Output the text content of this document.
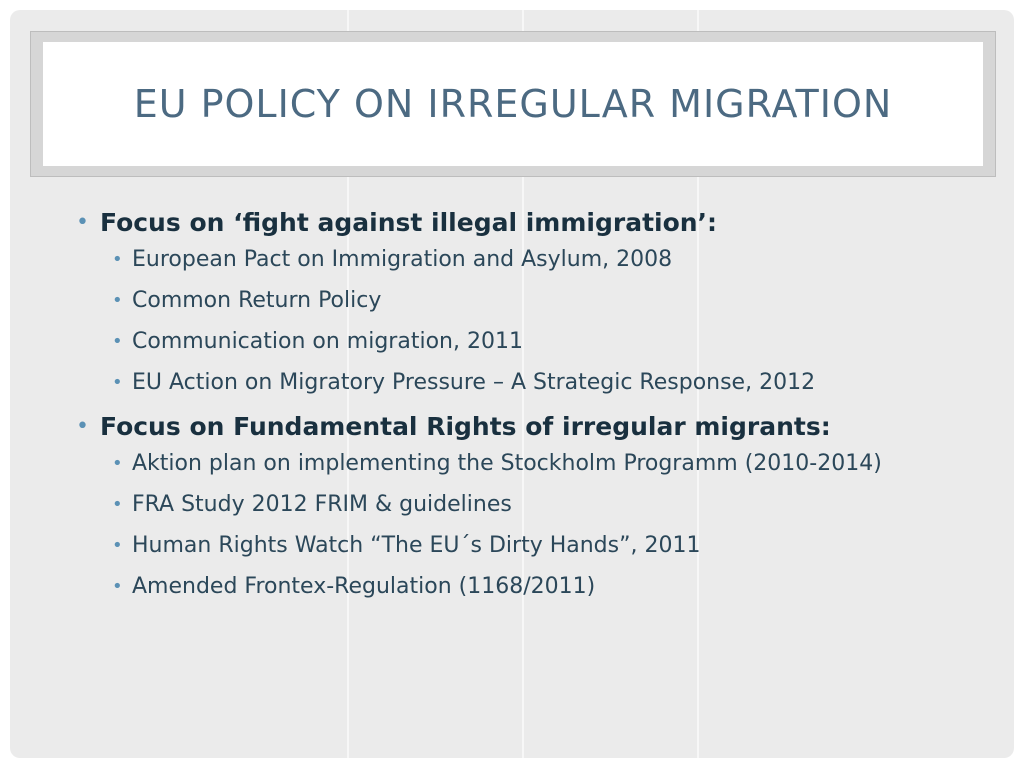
EU POLICY ON IRREGULAR MIGRATION
• Focus on ‘fight against illegal immigration’:
• European Pact on Immigration and Asylum, 2008
• Common Return Policy
• Communication on migration, 2011
• EU Action on Migratory Pressure – A Strategic Response, 2012
• Focus on Fundamental Rights of irregular migrants:
• Aktion plan on implementing the Stockholm Programm (2010-2014)
• FRA Study 2012 FRIM & guidelines
• Human Rights Watch “The EU´s Dirty Hands”, 2011
• Amended Frontex-Regulation (1168/2011)
